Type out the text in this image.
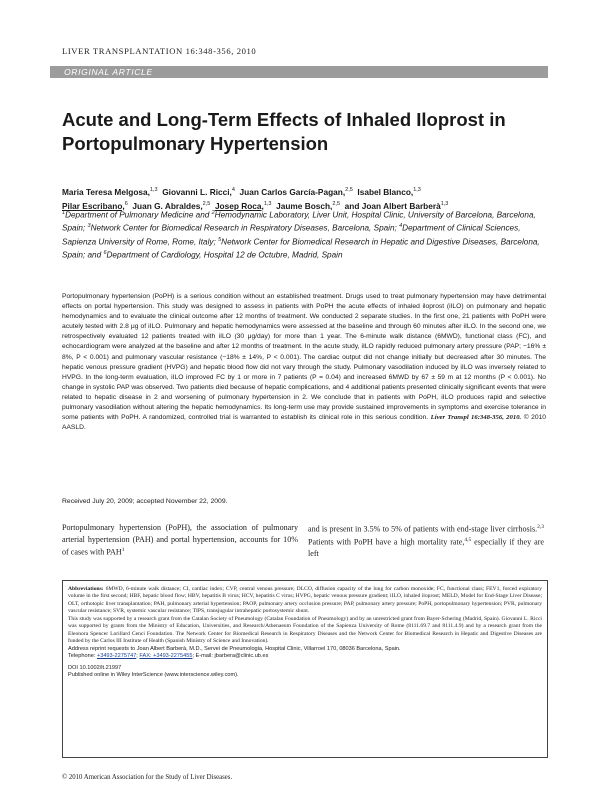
LIVER TRANSPLANTATION 16:348-356, 2010
ORIGINAL ARTICLE
Acute and Long-Term Effects of Inhaled Iloprost in Portopulmonary Hypertension
Maria Teresa Melgosa,$^{1,3}$ Giovanni L. Ricci,$^4$ Juan Carlos García-Pagan,$^{2,5}$ Isabel Blanco,$^{1,3}$
Pilar Escribano,$^6$ Juan G. Abraldes,$^{2,5}$ Josep Roca,$^{1,3}$ Jaume Bosch,$^{2,5}$ and Joan Albert Barberà$^{1,3}$
$^1$Department of Pulmonary Medicine and $^2$Hemodynamic Laboratory, Liver Unit, Hospital Clinic, University of Barcelona, Barcelona, Spain; $^3$Network Center for Biomedical Research in Respiratory Diseases, Barcelona, Spain; $^4$Department of Clinical Sciences, Sapienza University of Rome, Rome, Italy; $^5$Network Center for Biomedical Research in Hepatic and Digestive Diseases, Barcelona, Spain; and $^6$Department of Cardiology, Hospital 12 de Octubre, Madrid, Spain
Portopulmonary hypertension (PoPH) is a serious condition without an established treatment. Drugs used to treat pulmonary hypertension may have detrimental effects on portal hypertension. This study was designed to assess in patients with PoPH the acute effects of inhaled iloprost (iILO) on pulmonary and hepatic hemodynamics and to evaluate the clinical outcome after 12 months of treatment. We conducted 2 separate studies. In the first one, 21 patients with PoPH were acutely tested with 2.8 μg of iILO. Pulmonary and hepatic hemodynamics were assessed at the baseline and through 60 minutes after iILO. In the second one, we retrospectively evaluated 12 patients treated with iILO (30 μg/day) for more than 1 year. The 6-minute walk distance (6MWD), functional class (FC), and echocardiogram were analyzed at the baseline and after 12 months of treatment. In the acute study, iILO rapidly reduced pulmonary artery pressure (PAP; −16% ± 8%, P < 0.001) and pulmonary vascular resistance (−18% ± 14%, P < 0.001). The cardiac output did not change initially but decreased after 30 minutes. The hepatic venous pressure gradient (HVPG) and hepatic blood flow did not vary through the study. Pulmonary vasodilation induced by iILO was inversely related to HVPG. In the long-term evaluation, iILO improved FC by 1 or more in 7 patients (P = 0.04) and increased 6MWD by 67 ± 59 m at 12 months (P < 0.001). No change in systolic PAP was observed. Two patients died because of hepatic complications, and 4 additional patients presented clinically significant events that were related to hepatic disease in 2 and worsening of pulmonary hypertension in 2. We conclude that in patients with PoPH, iILO produces rapid and selective pulmonary vasodilation without altering the hepatic hemodynamics. Its long-term use may provide sustained improvements in symptoms and exercise tolerance in some patients with PoPH. A randomized, controlled trial is warranted to establish its clinical role in this serious condition. Liver Transpl 16:348-356, 2010. © 2010 AASLD.
Received July 20, 2009; accepted November 22, 2009.
Portopulmonary hypertension (PoPH), the association of pulmonary arterial hypertension (PAH) and portal hypertension, accounts for 10% of cases with PAH$^1$
and is present in 3.5% to 5% of patients with end-stage liver cirrhosis.$^{2,3}$ Patients with PoPH have a high mortality rate,$^{4,5}$ especially if they are left

Abbreviations: 6MWD, 6-minute walk distance; CI, cardiac index; CVP, central venous pressure; DLCO, diffusion capacity of the lung for carbon monoxide; FC, functional class; FEV1, forced expiratory volume in the first second; HBF, hepatic blood flow; HBV, hepatitis B virus; HCV, hepatitis C virus; HVPG, hepatic venous pressure gradient; iILO, inhaled iloprost; MELD, Model for End-Stage Liver Disease; OLT, orthotopic liver transplantation; PAH, pulmonary arterial hypertension; PAOP, pulmonary artery occlusion pressure; PAP, pulmonary artery pressure; PoPH, portopulmonary hypertension; PVR, pulmonary vascular resistance; SVR, systemic vascular resistance; TIPS, transjugular intrahepatic portosystemic shunt.

This study was supported by a research grant from the Catalan Society of Pneumology (Catalan Foundation of Pneumology) and by an unrestricted grant from Bayer-Schering (Madrid, Spain). Giovanni L. Ricci was supported by grants from the Ministry of Education, Universities, and Research/Athenaeum Foundation of the Sapienza University of Rome (8111.69.7 and 8111.4.9) and by a research grant from the Eleonora Spencer Lorillard Cenci Foundation. The Network Center for Biomedical Research in Respiratory Diseases and the Network Center for Biomedical Research in Hepatic and Digestive Diseases are funded by the Carlos III Institute of Health (Spanish Ministry of Science and Innovation).

Address reprint requests to Joan Albert Barberà, M.D., Servei de Pneumologia, Hospital Clinic, Villarroel 170, 08036 Barcelona, Spain.

Telephone: +3493-2275747; FAX: +3493-2275455; E-mail: jbarbera@clinic.ub.es

DOI 10.1002/lt.21997

Published online in Wiley InterScience (www.interscience.wiley.com).

© 2010 American Association for the Study of Liver Diseases.
